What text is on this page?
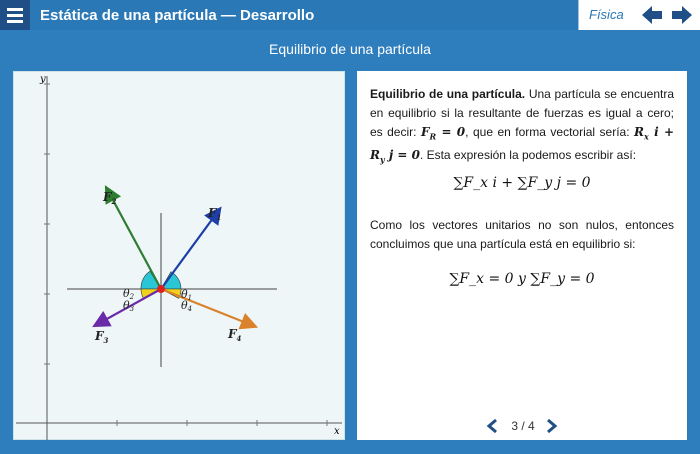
Estática de una partícula — Desarrollo	Física
Equilibrio de una partícula
y
x
$F_1$
$F_2$
$F_3$	$F_4$
θ1
θ2
θ3	θ4
Equilibrio de una partícula. Una partícula se encuentra en equilibrio si la resultante de fuerzas es igual a cero; es decir: $F_R = 0$, que en forma vectorial sería: $R_x$ $i + R_y$ j = 0. Esta expresión la podemos escribir así:
∑F_x i + ∑F_y j = 0
Como los vectores unitarios no son nulos, entonces concluimos que una partícula está en equilibrio si:
∑F_x = 0 y ∑F_y = 0
3 / 4
